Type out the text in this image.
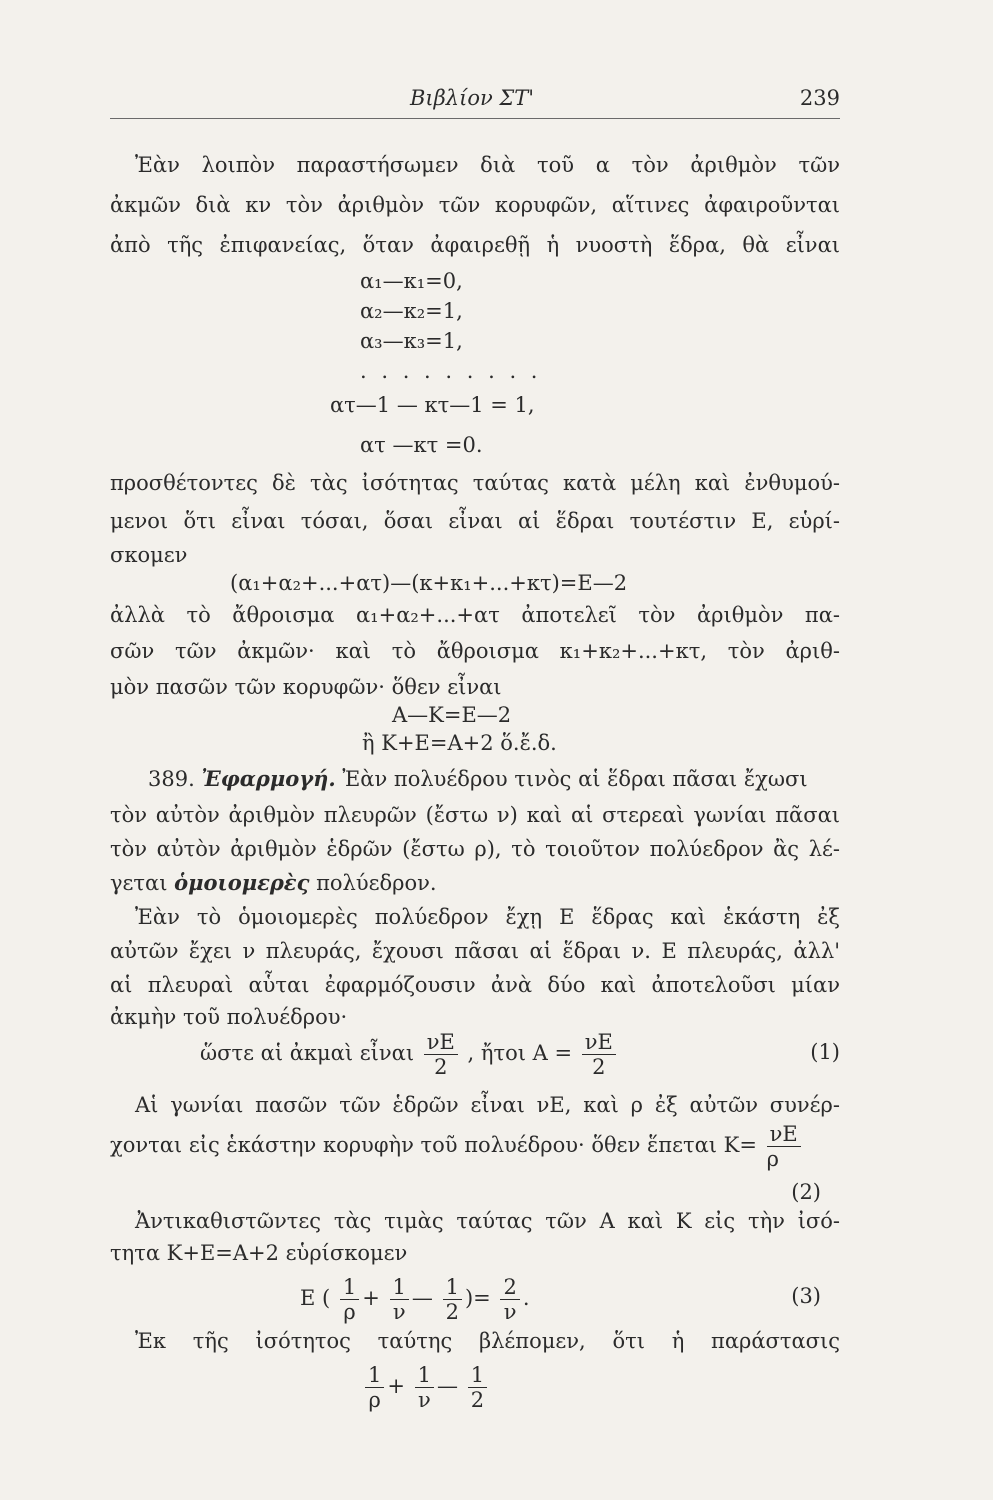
Βιβλίον ΣΤ'	239
Ἐὰν λοιπὸν παραστήσωμεν διὰ τοῦ α τὸν ἀριθμὸν τῶν
ἀκμῶν διὰ κν τὸν ἀριθμὸν τῶν κορυφῶν, αἵτινες ἀφαιροῦνται
ἀπὸ τῆς ἐπιφανείας, ὅταν ἀφαιρεθῇ ἡ νυοστὴ ἕδρα, θὰ εἶναι
α₁—κ₁=0,
α₂—κ₂=1,
α₃—κ₃=1,
. . . . . . . . .
ατ—1 — κτ—1 = 1,
ατ —κτ =0.
προσθέτοντες δὲ τὰς ἰσότητας ταύτας κατὰ μέλη καὶ ἐνθυμού-
μενοι ὅτι εἶναι τόσαι, ὅσαι εἶναι αἱ ἕδραι τουτέστιν Ε, εὑρί-
σκομεν
(α₁+α₂+...+ατ)—(κ+κ₁+...+κτ)=Ε—2
ἀλλὰ τὸ ἄθροισμα α₁+α₂+...+ατ ἀποτελεῖ τὸν ἀριθμὸν πα-
σῶν τῶν ἀκμῶν· καὶ τὸ ἄθροισμα κ₁+κ₂+...+κτ, τὸν ἀριθ-
μὸν πασῶν τῶν κορυφῶν· ὅθεν εἶναι
Α—Κ=Ε—2
ἢ Κ+Ε=Α+2 ὅ.ἔ.δ.
389. Ἐφαρμογή. Ἐὰν πολυέδρου τινὸς αἱ ἕδραι πᾶσαι ἔχωσι
τὸν αὐτὸν ἀριθμὸν πλευρῶν (ἔστω ν) καὶ αἱ στερεαὶ γωνίαι πᾶσαι
τὸν αὐτὸν ἀριθμὸν ἑδρῶν (ἔστω ρ), τὸ τοιοῦτον πολύεδρον ἂς λέ-
γεται ὁμοιομερὲς πολύεδρον.
Ἐὰν τὸ ὁμοιομερὲς πολύεδρον ἔχῃ Ε ἕδρας καὶ ἑκάστη ἐξ
αὐτῶν ἔχει ν πλευράς, ἔχουσι πᾶσαι αἱ ἕδραι ν. Ε πλευράς, ἀλλ'
αἱ πλευραὶ αὗται ἐφαρμόζουσιν ἀνὰ δύο καὶ ἀποτελοῦσι μίαν
ἀκμὴν τοῦ πολυέδρου·
ὥστε αἱ ἀκμαὶ εἶναι $\frac{\nu E}{2}$ , ἤτοι $A = \frac{\nu E}{2}$	(1)
Αἱ γωνίαι πασῶν τῶν ἑδρῶν εἶναι νΕ, καὶ ρ ἐξ αὐτῶν συνέρ-
χονται εἰς ἑκάστην κορυφὴν τοῦ πολυέδρου· ὅθεν ἕπεται $K= \frac{\nu E}{\rho}$
(2)
Ἀντικαθιστῶντες τὰς τιμὰς ταύτας τῶν Α καὶ Κ εἰς τὴν ἰσό-
τητα Κ+Ε=Α+2 εὑρίσκομεν
Ε ( $\frac{1}{\rho} + \frac{1}{\nu}$ — $\frac{1}{2}$ )= $\frac{2}{\nu}$ .	(3)
Ἐκ τῆς ἰσότητος ταύτης βλέπομεν, ὅτι ἡ παράστασις
$\frac{1}{\rho} + \frac{1}{\nu}$ — $\frac{1}{2}$
